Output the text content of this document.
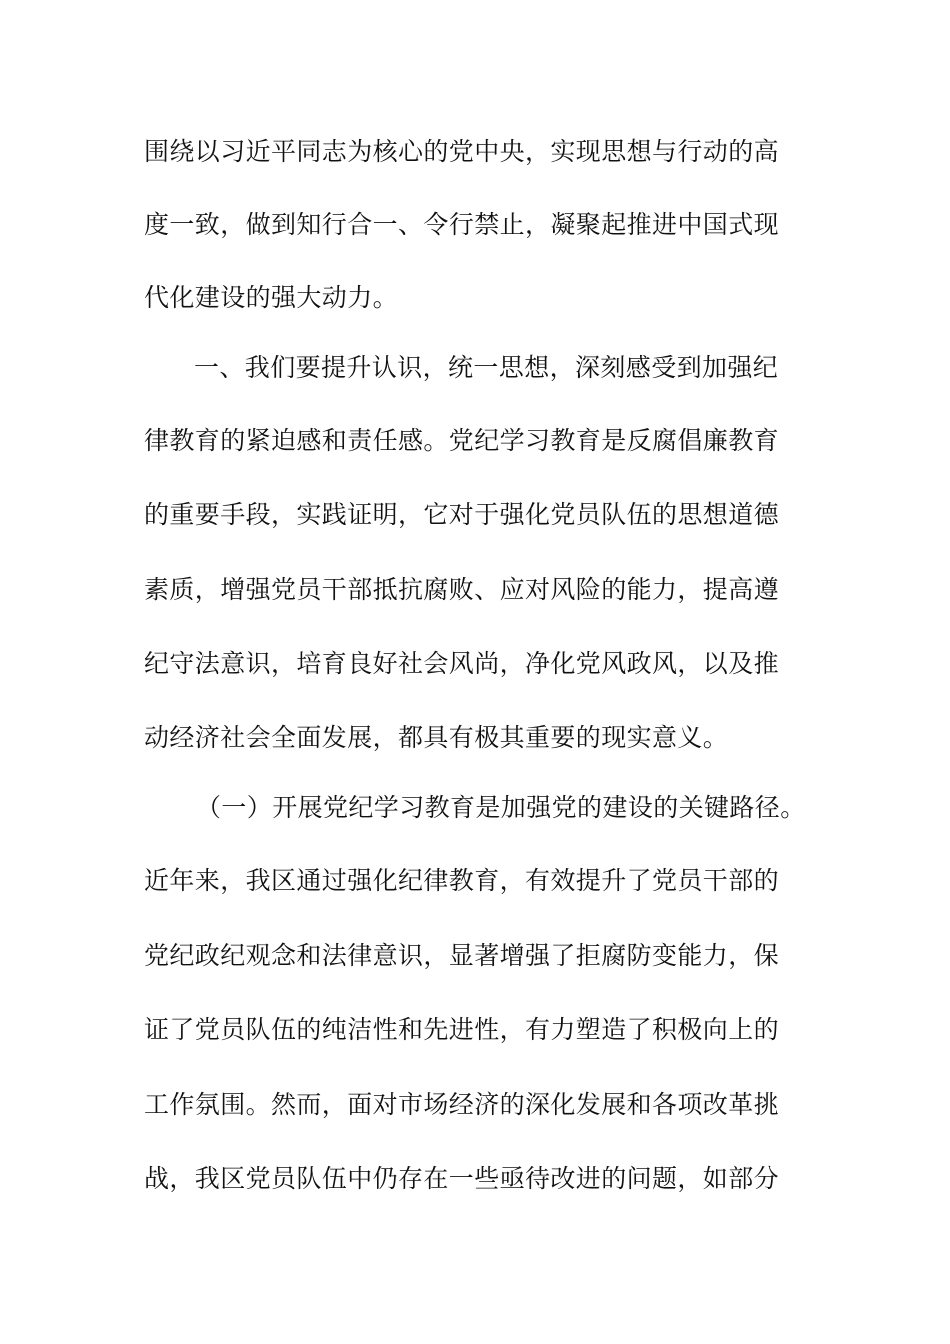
围绕以习近平同志为核心的党中央，实现思想与行动的高
度一致，做到知行合一、令行禁止，凝聚起推进中国式现
代化建设的强大动力。
一、我们要提升认识，统一思想，深刻感受到加强纪
律教育的紧迫感和责任感。党纪学习教育是反腐倡廉教育
的重要手段，实践证明，它对于强化党员队伍的思想道德
素质，增强党员干部抵抗腐败、应对风险的能力，提高遵
纪守法意识，培育良好社会风尚，净化党风政风，以及推
动经济社会全面发展，都具有极其重要的现实意义。
（一）开展党纪学习教育是加强党的建设的关键路径。
近年来，我区通过强化纪律教育，有效提升了党员干部的
党纪政纪观念和法律意识，显著增强了拒腐防变能力，保
证了党员队伍的纯洁性和先进性，有力塑造了积极向上的
工作氛围。然而，面对市场经济的深化发展和各项改革挑
战，我区党员队伍中仍存在一些亟待改进的问题，如部分
